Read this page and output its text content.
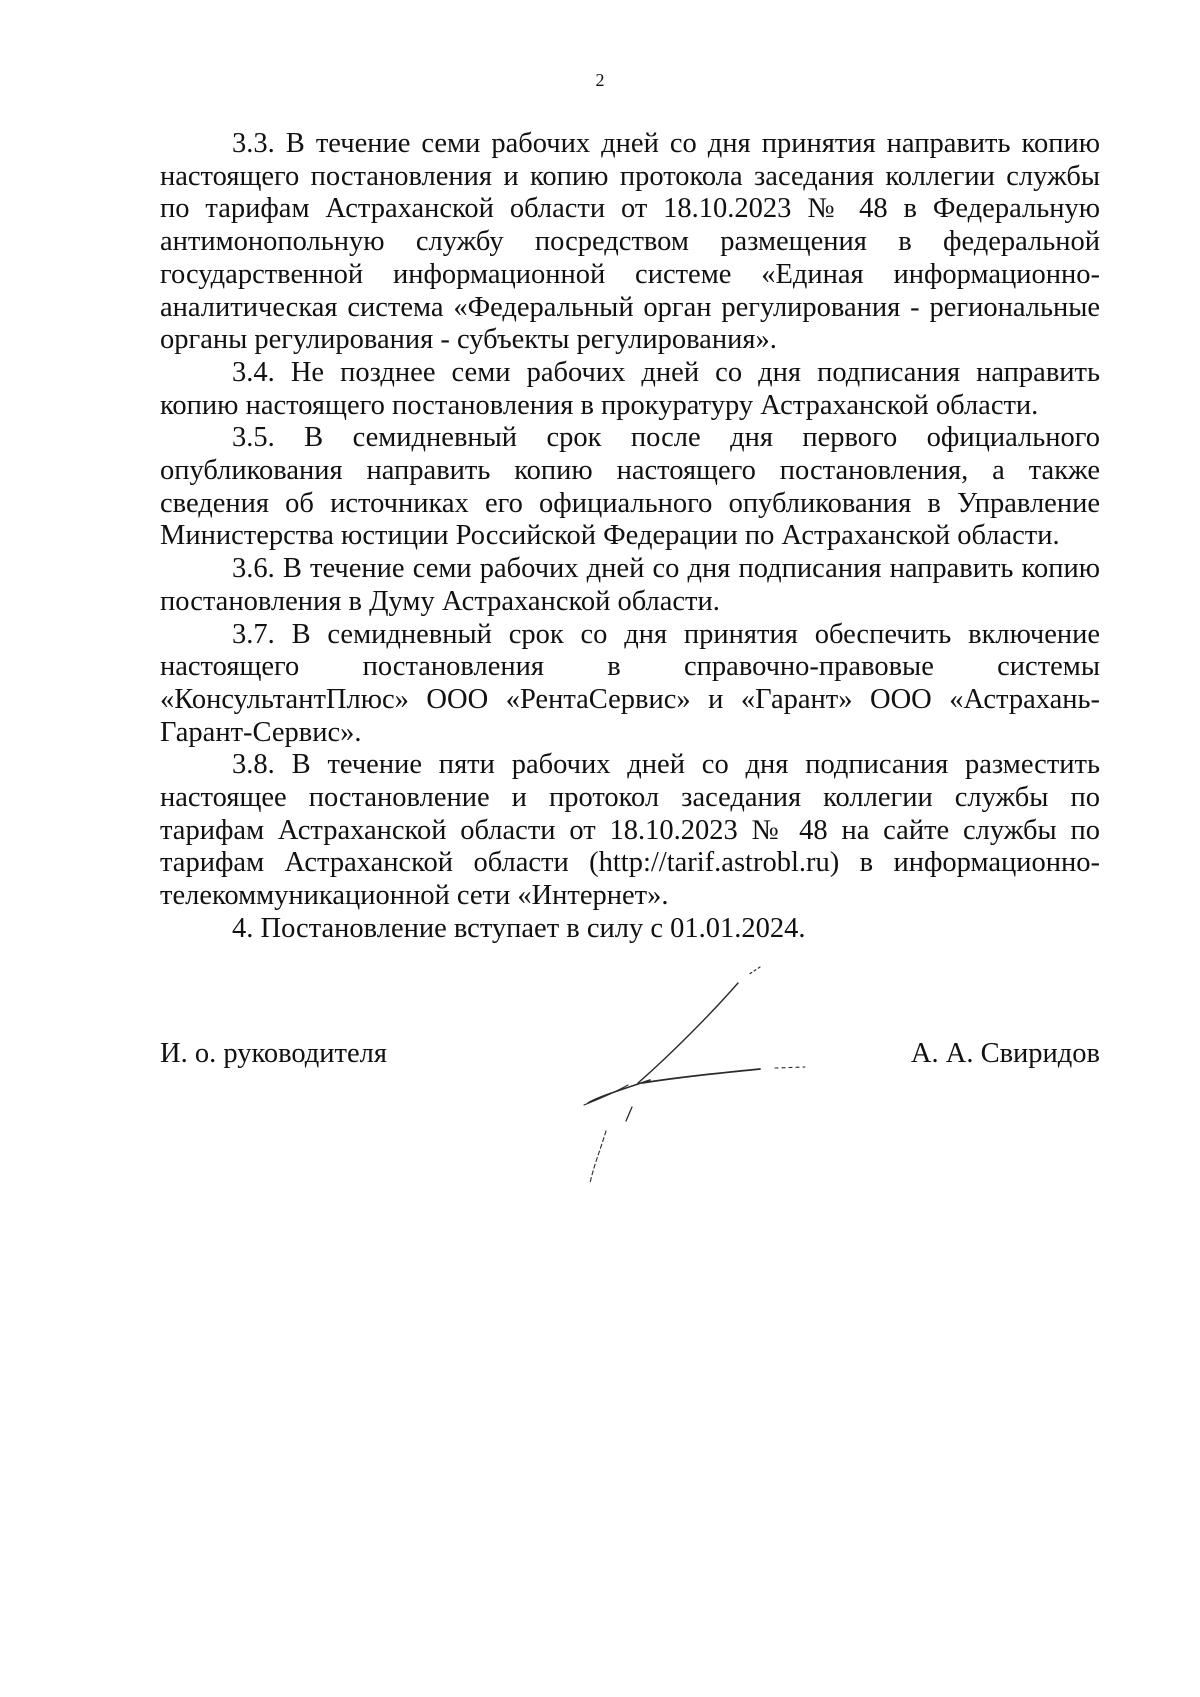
2

3.3. В течение семи рабочих дней со дня принятия направить копию настоящего постановления и копию протокола заседания коллегии службы по тарифам Астраханской области от 18.10.2023 № 48 в Федеральную антимонопольную службу посредством размещения в федеральной государственной информационной системе «Единая информационно-аналитическая система «Федеральный орган регулирования - региональные органы регулирования - субъекты регулирования».

3.4. Не позднее семи рабочих дней со дня подписания направить копию настоящего постановления в прокуратуру Астраханской области.

3.5. В семидневный срок после дня первого официального опубликования направить копию настоящего постановления, а также сведения об источниках его официального опубликования в Управление Министерства юстиции Российской Федерации по Астраханской области.

3.6. В течение семи рабочих дней со дня подписания направить копию постановления в Думу Астраханской области.

3.7. В семидневный срок со дня принятия обеспечить включение настоящего постановления в справочно-правовые системы «КонсультантПлюс» ООО «РентаСервис» и «Гарант» ООО «Астрахань-Гарант-Сервис».

3.8. В течение пяти рабочих дней со дня подписания разместить настоящее постановление и протокол заседания коллегии службы по тарифам Астраханской области от 18.10.2023 № 48 на сайте службы по тарифам Астраханской области (http://tarif.astrobl.ru) в информационно-телекоммуникационной сети «Интернет».

4. Постановление вступает в силу с 01.01.2024.

И. о. руководителя	А. А. Свиридов
